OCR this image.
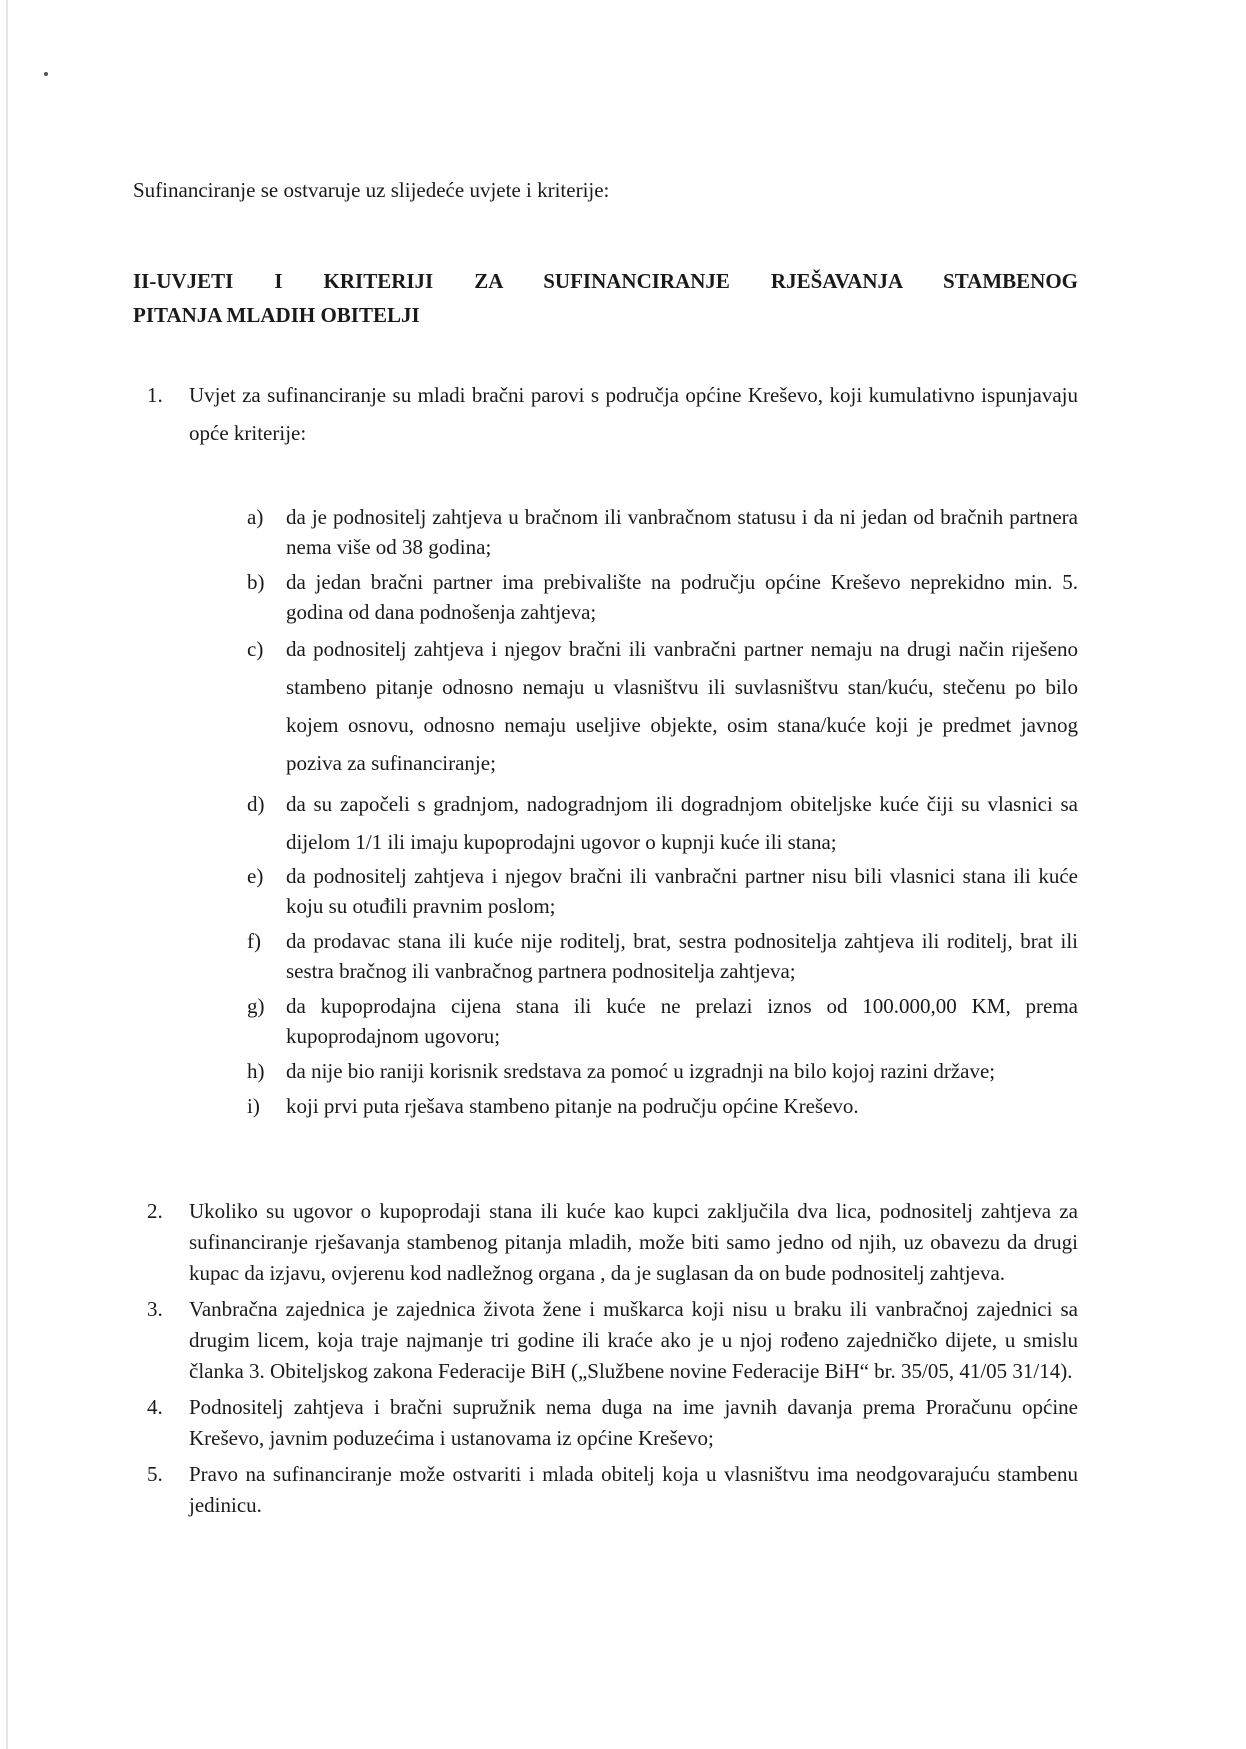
Sufinanciranje se ostvaruje uz slijedeće uvjete i kriterije:

II-UVJETI I KRITERIJI ZA SUFINANCIRANJE RJEŠAVANJA STAMBENOG
PITANJA MLADIH OBITELJI
1. Uvjet za sufinanciranje su mladi bračni parovi s područja općine Kreševo, koji kumulativno ispunjavaju opće kriterije:
a) da je podnositelj zahtjeva u bračnom ili vanbračnom statusu i da ni jedan od bračnih partnera nema više od 38 godina;
b) da jedan bračni partner ima prebivalište na području općine Kreševo neprekidno min. 5. godina od dana podnošenja zahtjeva;
c) da podnositelj zahtjeva i njegov bračni ili vanbračni partner nemaju na drugi način riješeno stambeno pitanje odnosno nemaju u vlasništvu ili suvlasništvu stan/kuću, stečenu po bilo kojem osnovu, odnosno nemaju useljive objekte, osim stana/kuće koji je predmet javnog poziva za sufinanciranje;
d) da su započeli s gradnjom, nadogradnjom ili dogradnjom obiteljske kuće čiji su vlasnici sa dijelom 1/1 ili imaju kupoprodajni ugovor o kupnji kuće ili stana;
e) da podnositelj zahtjeva i njegov bračni ili vanbračni partner nisu bili vlasnici stana ili kuće koju su otuđili pravnim poslom;
f) da prodavac stana ili kuće nije roditelj, brat, sestra podnositelja zahtjeva ili roditelj, brat ili sestra bračnog ili vanbračnog partnera podnositelja zahtjeva;
g) da kupoprodajna cijena stana ili kuće ne prelazi iznos od 100.000,00 KM, prema kupoprodajnom ugovoru;
h) da nije bio raniji korisnik sredstava za pomoć u izgradnji na bilo kojoj razini države;
i) koji prvi puta rješava stambeno pitanje na području općine Kreševo.
2. Ukoliko su ugovor o kupoprodaji stana ili kuće kao kupci zaključila dva lica, podnositelj zahtjeva za sufinanciranje rješavanja stambenog pitanja mladih, može biti samo jedno od njih, uz obavezu da drugi kupac da izjavu, ovjerenu kod nadležnog organa , da je suglasan da on bude podnositelj zahtjeva.
3. Vanbračna zajednica je zajednica života žene i muškarca koji nisu u braku ili vanbračnoj zajednici sa drugim licem, koja traje najmanje tri godine ili kraće ako je u njoj rođeno zajedničko dijete, u smislu članka 3. Obiteljskog zakona Federacije BiH („Službene novine Federacije BiH“ br. 35/05, 41/05 31/14).
4. Podnositelj zahtjeva i bračni supružnik nema duga na ime javnih davanja prema Proračunu općine Kreševo, javnim poduzećima i ustanovama iz općine Kreševo;
5. Pravo na sufinanciranje može ostvariti i mlada obitelj koja u vlasništvu ima neodgovarajuću stambenu jedinicu.
